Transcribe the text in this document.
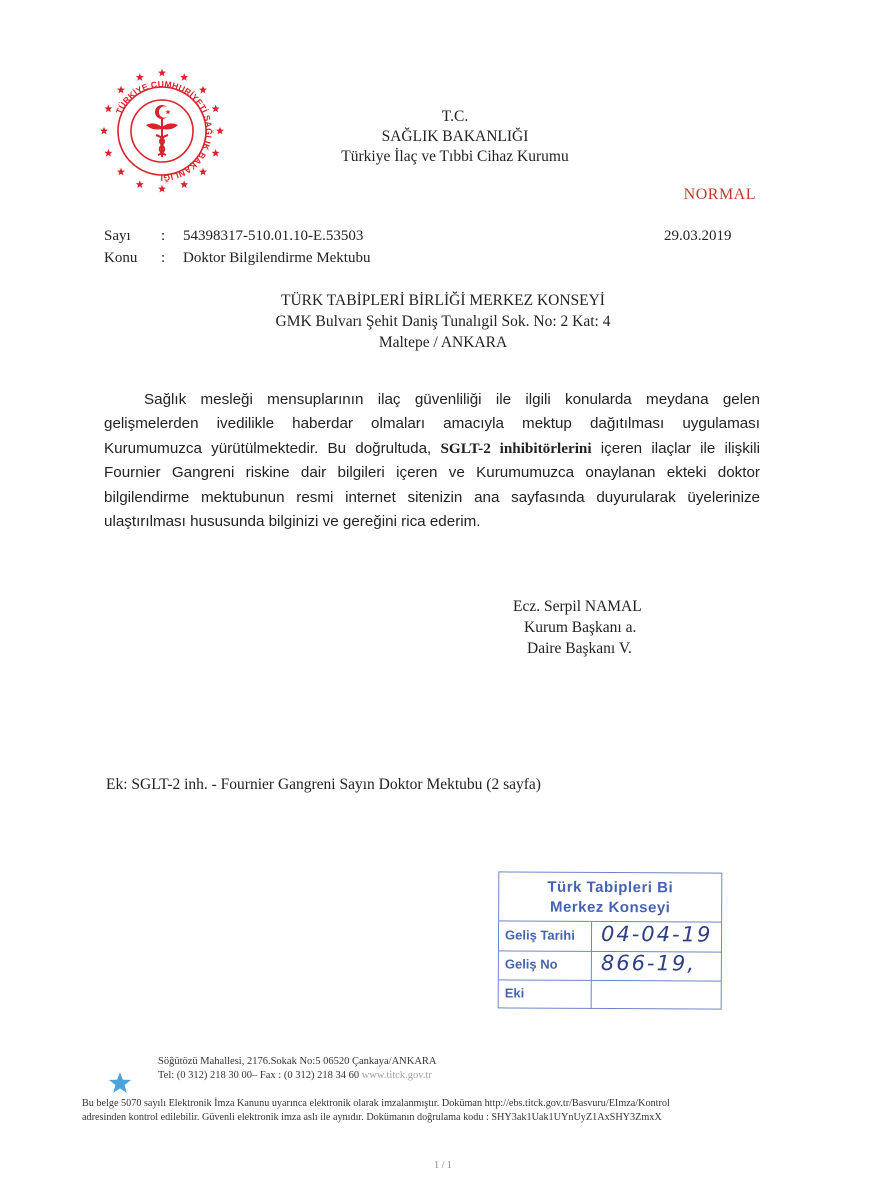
TÜRKİYE CUMHURİYETİ SAĞLIK BAKANLIĞI
T.C.
SAĞLIK BAKANLIĞI
Türkiye İlaç ve Tıbbi Cihaz Kurumu
NORMAL
Sayı : 54398317-510.01.10-E.53503
Konu : Doktor Bilgilendirme Mektubu
29.03.2019
TÜRK TABİPLERİ BİRLİĞİ MERKEZ KONSEYİ
GMK Bulvarı Şehit Daniş Tunalıgil Sok. No: 2 Kat: 4
Maltepe / ANKARA
Sağlık mesleği mensuplarının ilaç güvenliliği ile ilgili konularda meydana gelen gelişmelerden ivedilikle haberdar olmaları amacıyla mektup dağıtılması uygulaması Kurumumuzca yürütülmektedir. Bu doğrultuda, SGLT-2 inhibitörlerini içeren ilaçlar ile ilişkili Fournier Gangreni riskine dair bilgileri içeren ve Kurumumuzca onaylanan ekteki doktor bilgilendirme mektubunun resmi internet sitenizin ana sayfasında duyurularak üyelerinize ulaştırılması hususunda bilginizi ve gereğini rica ederim.
Ecz. Serpil NAMAL
Kurum Başkanı a.
Daire Başkanı V.
Ek: SGLT-2 inh. - Fournier Gangreni Sayın Doktor Mektubu (2 sayfa)
Türk Tabipleri Bi
Merkez Konseyi
Geliş Tarihi 04-04-19
Geliş No 866-19,
Eki
Söğütözü Mahallesi, 2176.Sokak No:5 06520 Çankaya/ANKARA
Tel: (0 312) 218 30 00– Fax : (0 312) 218 34 60 www.titck.gov.tr
Bu belge 5070 sayılı Elektronik İmza Kanunu uyarınca elektronik olarak imzalanmıştır. Doküman http://ebs.titck.gov.tr/Basvuru/EImza/Kontrol
adresinden kontrol edilebilir. Güvenli elektronik imza aslı ile aynıdır. Dokümanın doğrulama kodu : SHY3ak1Uak1UYnUyZ1AxSHY3ZmxX
1 / 1
